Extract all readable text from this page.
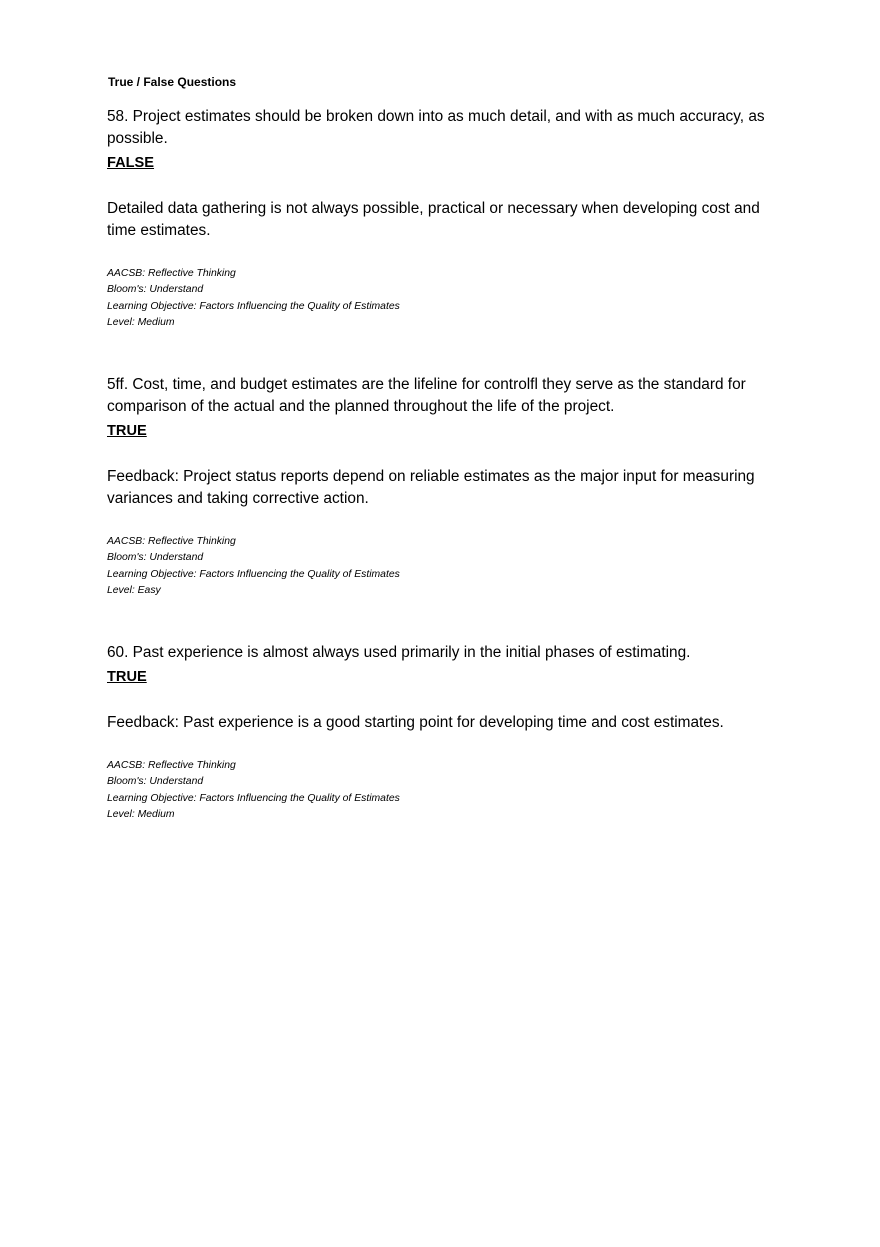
True / False Questions

58. Project estimates should be broken down into as much detail, and with as much accuracy, as possible.

FALSE

Detailed data gathering is not always possible, practical or necessary when developing cost and time estimates.

AACSB: Reflective Thinking
Bloom's: Understand
Learning Objective: Factors Influencing the Quality of Estimates
Level: Medium

5ff. Cost, time, and budget estimates are the lifeline for controlfl they serve as the standard for comparison of the actual and the planned throughout the life of the project.

TRUE

Feedback: Project status reports depend on reliable estimates as the major input for measuring variances and taking corrective action.

AACSB: Reflective Thinking
Bloom's: Understand
Learning Objective: Factors Influencing the Quality of Estimates
Level: Easy

60. Past experience is almost always used primarily in the initial phases of estimating.

TRUE

Feedback: Past experience is a good starting point for developing time and cost estimates.

AACSB: Reflective Thinking
Bloom's: Understand
Learning Objective: Factors Influencing the Quality of Estimates
Level: Medium
